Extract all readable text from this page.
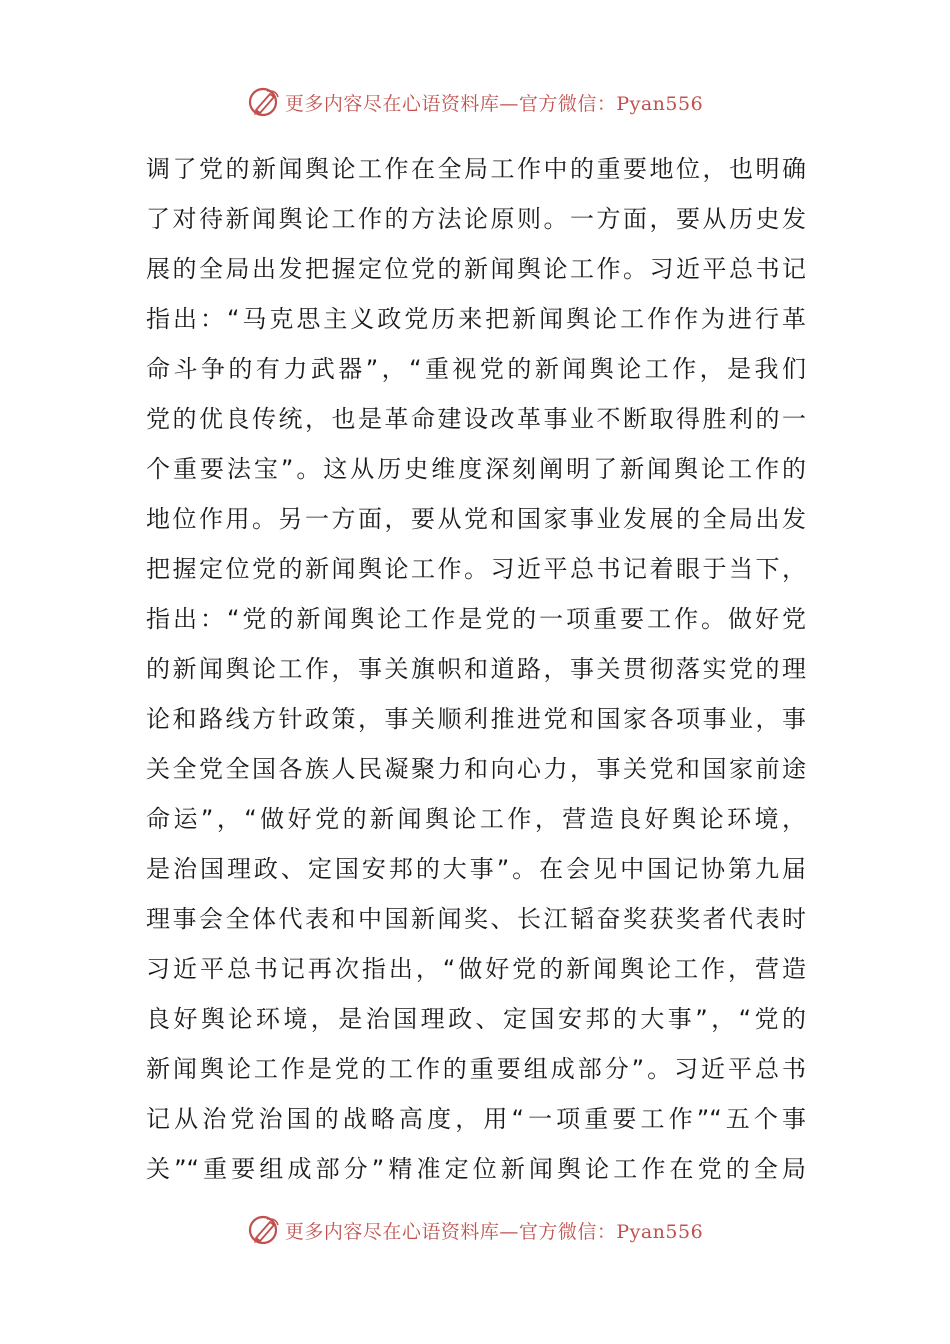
更多内容尽在心语资料库—官方微信：Pyan556
调了党的新闻舆论工作在全局工作中的重要地位，也明确
了对待新闻舆论工作的方法论原则。一方面，要从历史发
展的全局出发把握定位党的新闻舆论工作。习近平总书记
指出：“马克思主义政党历来把新闻舆论工作作为进行革
命斗争的有力武器”，“重视党的新闻舆论工作，是我们
党的优良传统，也是革命建设改革事业不断取得胜利的一
个重要法宝”。这从历史维度深刻阐明了新闻舆论工作的
地位作用。另一方面，要从党和国家事业发展的全局出发
把握定位党的新闻舆论工作。习近平总书记着眼于当下，
指出：“党的新闻舆论工作是党的一项重要工作。做好党
的新闻舆论工作，事关旗帜和道路，事关贯彻落实党的理
论和路线方针政策，事关顺利推进党和国家各项事业，事
关全党全国各族人民凝聚力和向心力，事关党和国家前途
命运”，“做好党的新闻舆论工作，营造良好舆论环境，
是治国理政、定国安邦的大事”。在会见中国记协第九届
理事会全体代表和中国新闻奖、长江韬奋奖获奖者代表时
习近平总书记再次指出，“做好党的新闻舆论工作，营造
良好舆论环境，是治国理政、定国安邦的大事”，“党的
新闻舆论工作是党的工作的重要组成部分”。习近平总书
记从治党治国的战略高度，用“一项重要工作”“五个事
关”“重要组成部分”精准定位新闻舆论工作在党的全局
更多内容尽在心语资料库—官方微信：Pyan556
